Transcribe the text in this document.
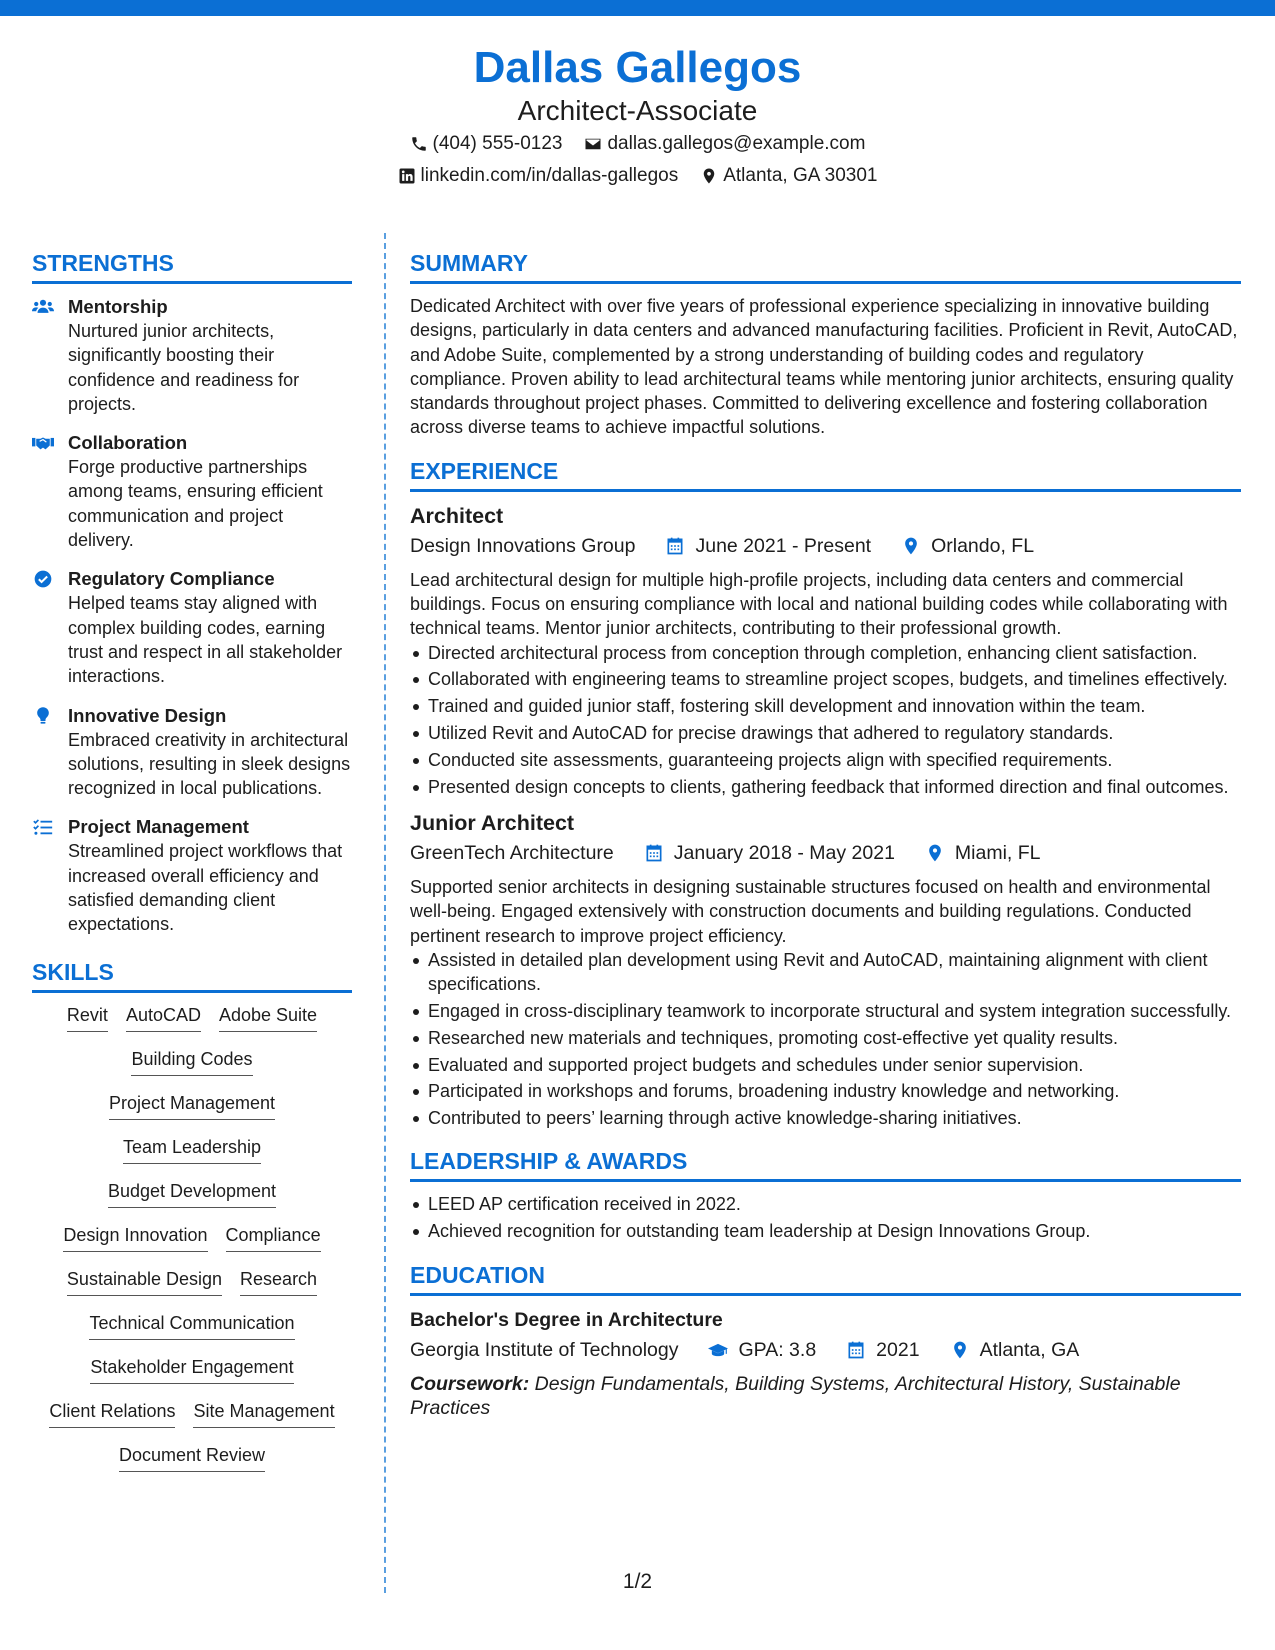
Dallas Gallegos
Architect-Associate
(404) 555-0123 dallas.gallegos@example.com
linkedin.com/in/dallas-gallegos Atlanta, GA 30301
STRENGTHS
Mentorship
Nurtured junior architects, significantly boosting their confidence and readiness for projects.
Collaboration
Forge productive partnerships among teams, ensuring efficient communication and project delivery.
Regulatory Compliance
Helped teams stay aligned with complex building codes, earning trust and respect in all stakeholder interactions.
Innovative Design
Embraced creativity in architectural solutions, resulting in sleek designs recognized in local publications.
Project Management
Streamlined project workflows that increased overall efficiency and satisfied demanding client expectations.
SKILLS
Revit AutoCAD Adobe Suite
Building Codes
Project Management
Team Leadership
Budget Development
Design Innovation Compliance
Sustainable Design Research
Technical Communication
Stakeholder Engagement
Client Relations Site Management
Document Review
SUMMARY
Dedicated Architect with over five years of professional experience specializing in innovative building designs, particularly in data centers and advanced manufacturing facilities. Proficient in Revit, AutoCAD, and Adobe Suite, complemented by a strong understanding of building codes and regulatory compliance. Proven ability to lead architectural teams while mentoring junior architects, ensuring quality standards throughout project phases. Committed to delivering excellence and fostering collaboration across diverse teams to achieve impactful solutions.
EXPERIENCE
Architect
Design Innovations Group	June 2021 - Present	Orlando, FL
Lead architectural design for multiple high-profile projects, including data centers and commercial buildings. Focus on ensuring compliance with local and national building codes while collaborating with technical teams. Mentor junior architects, contributing to their professional growth.
Directed architectural process from conception through completion, enhancing client satisfaction.
Collaborated with engineering teams to streamline project scopes, budgets, and timelines effectively.
Trained and guided junior staff, fostering skill development and innovation within the team.
Utilized Revit and AutoCAD for precise drawings that adhered to regulatory standards.
Conducted site assessments, guaranteeing projects align with specified requirements.
Presented design concepts to clients, gathering feedback that informed direction and final outcomes.
Junior Architect
GreenTech Architecture	January 2018 - May 2021	Miami, FL
Supported senior architects in designing sustainable structures focused on health and environmental well-being. Engaged extensively with construction documents and building regulations. Conducted pertinent research to improve project efficiency.
Assisted in detailed plan development using Revit and AutoCAD, maintaining alignment with client specifications.
Engaged in cross-disciplinary teamwork to incorporate structural and system integration successfully.
Researched new materials and techniques, promoting cost-effective yet quality results.
Evaluated and supported project budgets and schedules under senior supervision.
Participated in workshops and forums, broadening industry knowledge and networking.
Contributed to peers’ learning through active knowledge-sharing initiatives.
LEADERSHIP & AWARDS
LEED AP certification received in 2022.
Achieved recognition for outstanding team leadership at Design Innovations Group.
EDUCATION
Bachelor's Degree in Architecture
Georgia Institute of Technology	GPA: 3.8	2021	Atlanta, GA
Coursework: Design Fundamentals, Building Systems, Architectural History, Sustainable Practices
1/2
